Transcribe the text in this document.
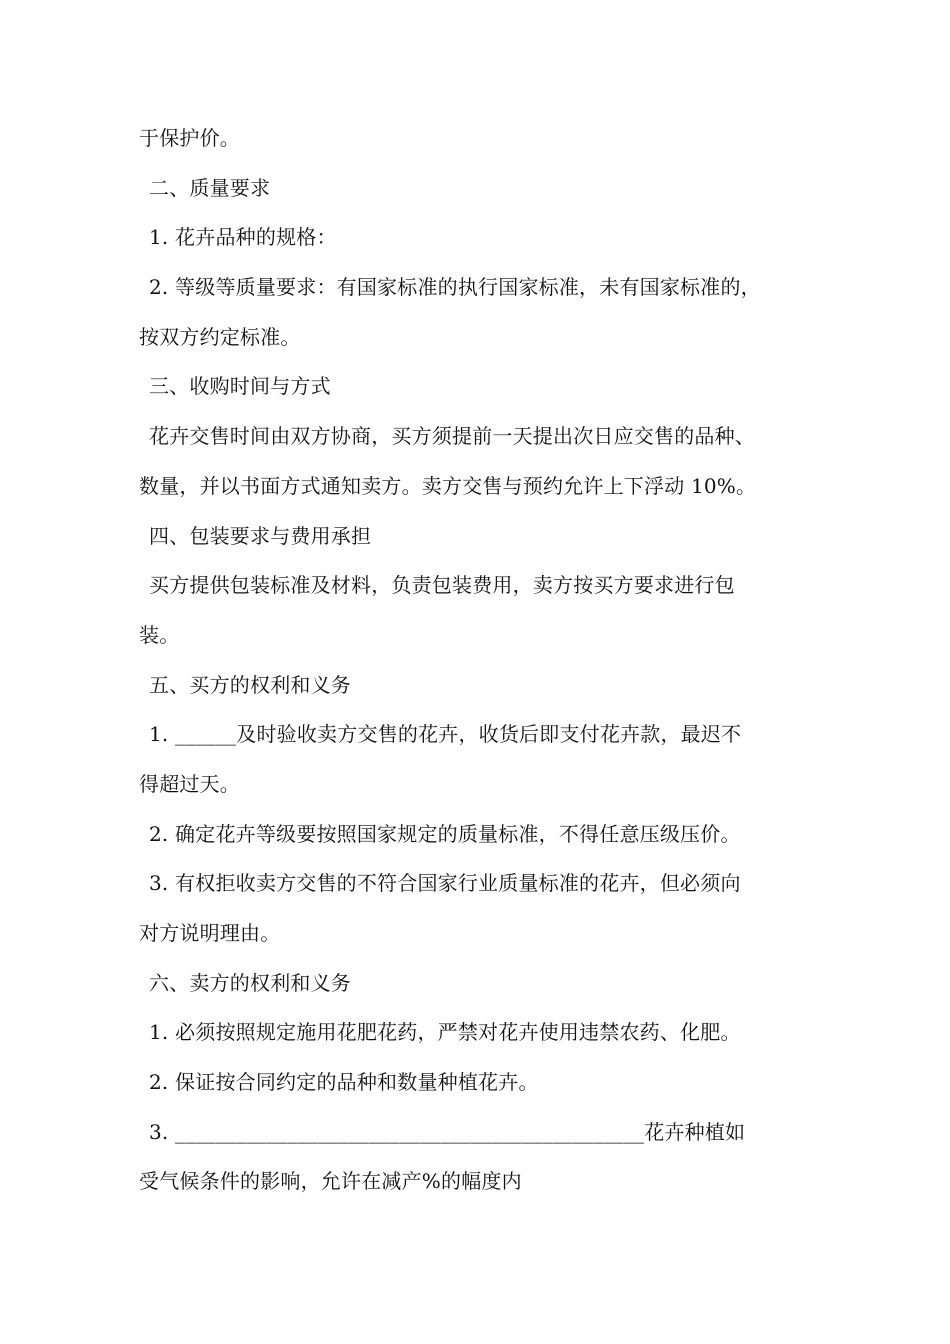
于保护价。
二、质量要求
1. 花卉品种的规格：
2. 等级等质量要求：有国家标准的执行国家标准，未有国家标准的，
按双方约定标准。
三、收购时间与方式
花卉交售时间由双方协商，买方须提前一天提出次日应交售的品种、
数量，并以书面方式通知卖方。卖方交售与预约允许上下浮动 10%。
四、包装要求与费用承担
买方提供包装标准及材料，负责包装费用，卖方按买方要求进行包
装。
五、买方的权利和义务
1. ______及时验收卖方交售的花卉，收货后即支付花卉款，最迟不
得超过天。
2. 确定花卉等级要按照国家规定的质量标准，不得任意压级压价。
3. 有权拒收卖方交售的不符合国家行业质量标准的花卉，但必须向
对方说明理由。
六、卖方的权利和义务
1. 必须按照规定施用花肥花药，严禁对花卉使用违禁农药、化肥。
2. 保证按合同约定的品种和数量种植花卉。
3. ______________________________________________花卉种植如
受气候条件的影响，允许在减产%的幅度内
